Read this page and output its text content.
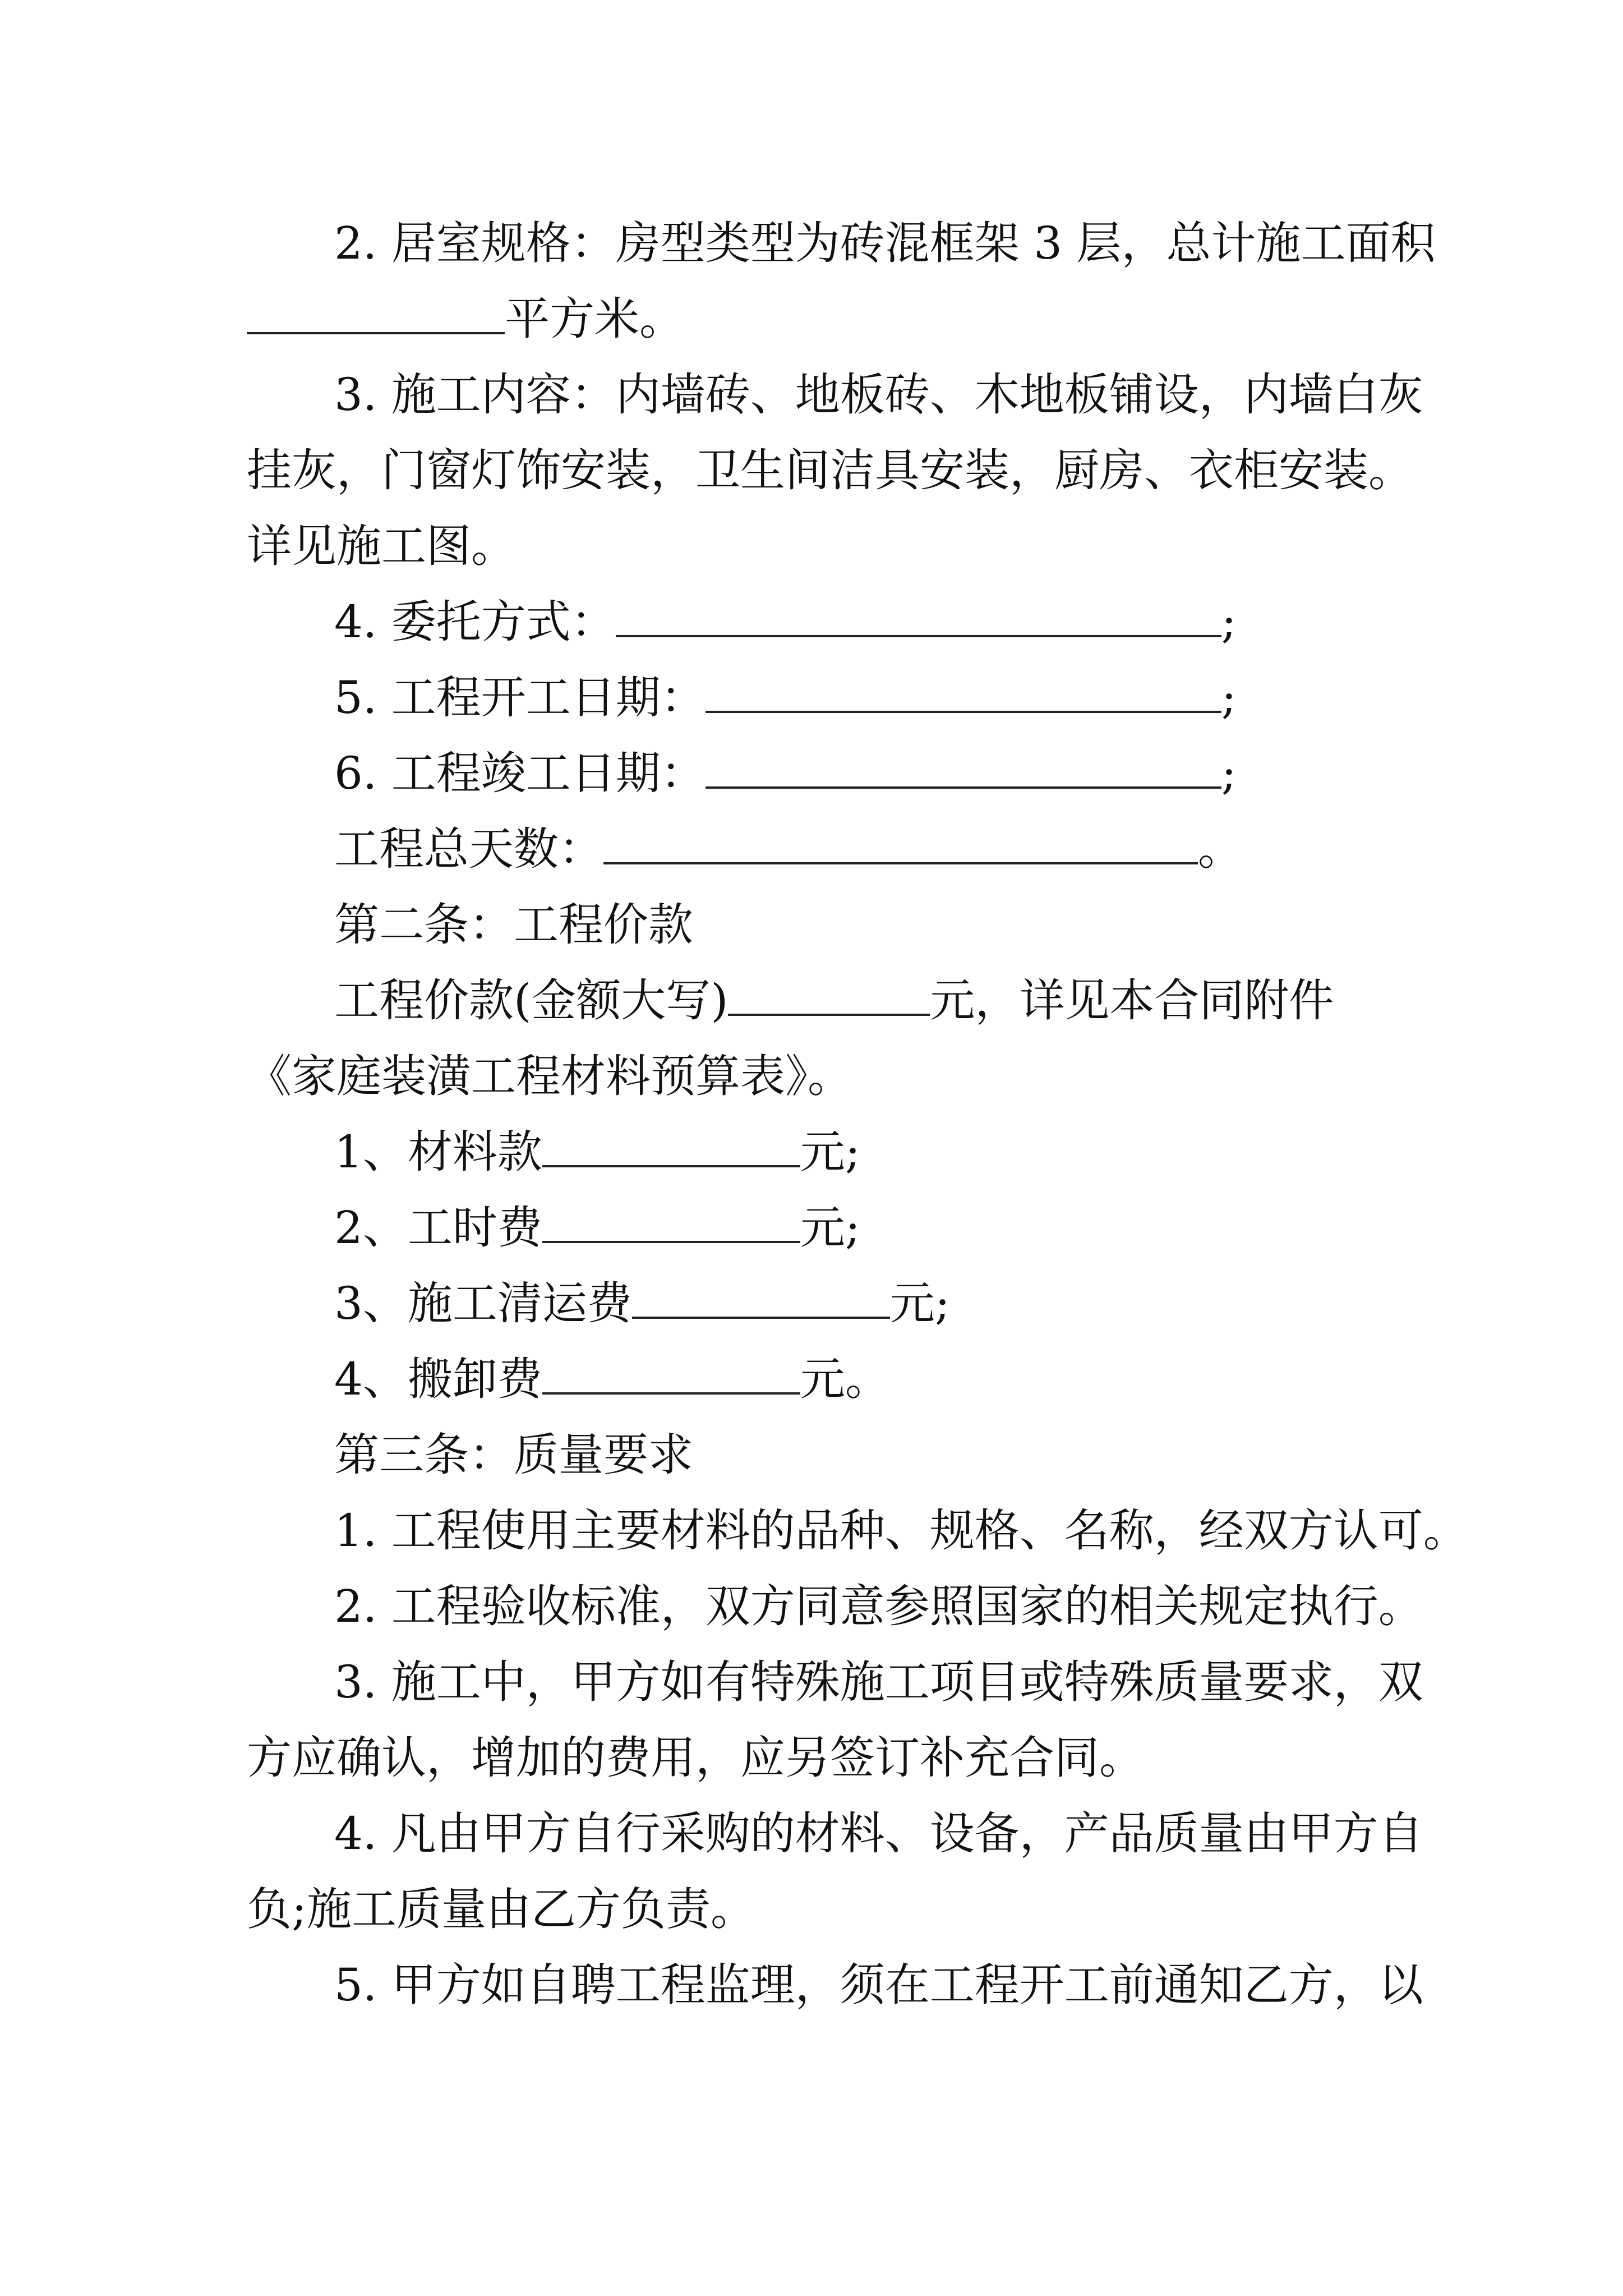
2. 居室规格：房型类型为砖混框架 3 层，总计施工面积
平方米。
3. 施工内容：内墙砖、地板砖、木地板铺设，内墙白灰
挂灰，门窗灯饰安装，卫生间洁具安装，厨房、衣柜安装。
详见施工图。
4. 委托方式：	;
5. 工程开工日期：	;
6. 工程竣工日期：	;
工程总天数：	。
第二条：工程价款
工程价款(金额大写)	元，详见本合同附件
《家庭装潢工程材料预算表》。
1、材料款	元;
2、工时费	元;
3、施工清运费	元;
4、搬卸费	元。
第三条：质量要求
1. 工程使用主要材料的品种、规格、名称，经双方认可。
2. 工程验收标准，双方同意参照国家的相关规定执行。
3. 施工中，甲方如有特殊施工项目或特殊质量要求，双
方应确认，增加的费用，应另签订补充合同。
4. 凡由甲方自行采购的材料、设备，产品质量由甲方自
负;施工质量由乙方负责。
5. 甲方如自聘工程监理，须在工程开工前通知乙方，以
